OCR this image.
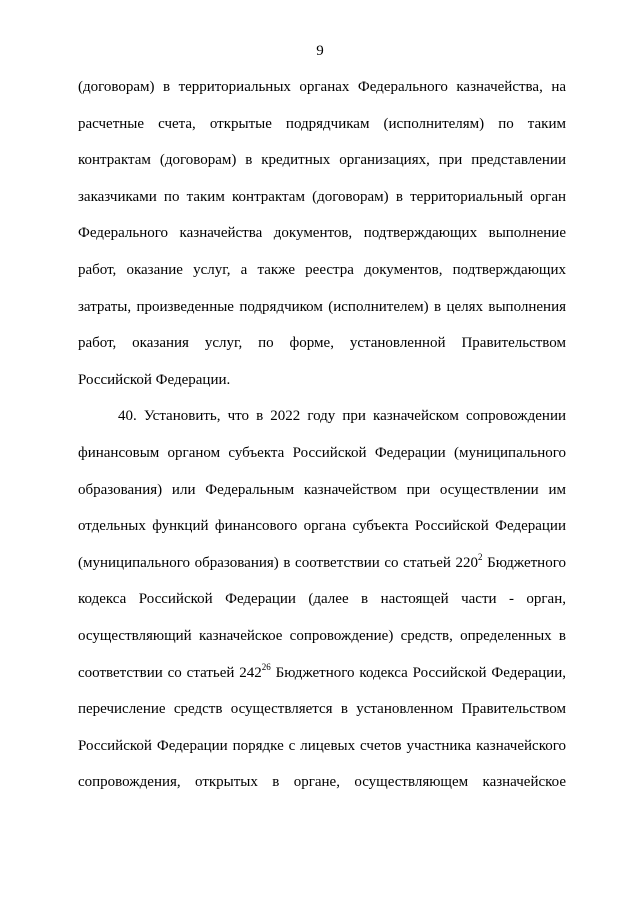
9
(договорам) в территориальных органах Федерального казначейства, на
расчетные счета, открытые подрядчикам (исполнителям) по таким
контрактам (договорам) в кредитных организациях, при представлении
заказчиками по таким контрактам (договорам) в территориальный орган
Федерального казначейства документов, подтверждающих выполнение
работ, оказание услуг, а также реестра документов, подтверждающих
затраты, произведенные подрядчиком (исполнителем) в целях выполнения
работ, оказания услуг, по форме, установленной Правительством
Российской Федерации.
40. Установить, что в 2022 году при казначейском сопровождении
финансовым органом субъекта Российской Федерации (муниципального
образования) или Федеральным казначейством при осуществлении им
отдельных функций финансового органа субъекта Российской Федерации
(муниципального образования) в соответствии со статьей $220^2$ Бюджетного
кодекса Российской Федерации (далее в настоящей части - орган,
осуществляющий казначейское сопровождение) средств, определенных в
соответствии со статьей $242^{26}$ Бюджетного кодекса Российской Федерации,
перечисление средств осуществляется в установленном Правительством
Российской Федерации порядке с лицевых счетов участника казначейского
сопровождения, открытых в органе, осуществляющем казначейское
